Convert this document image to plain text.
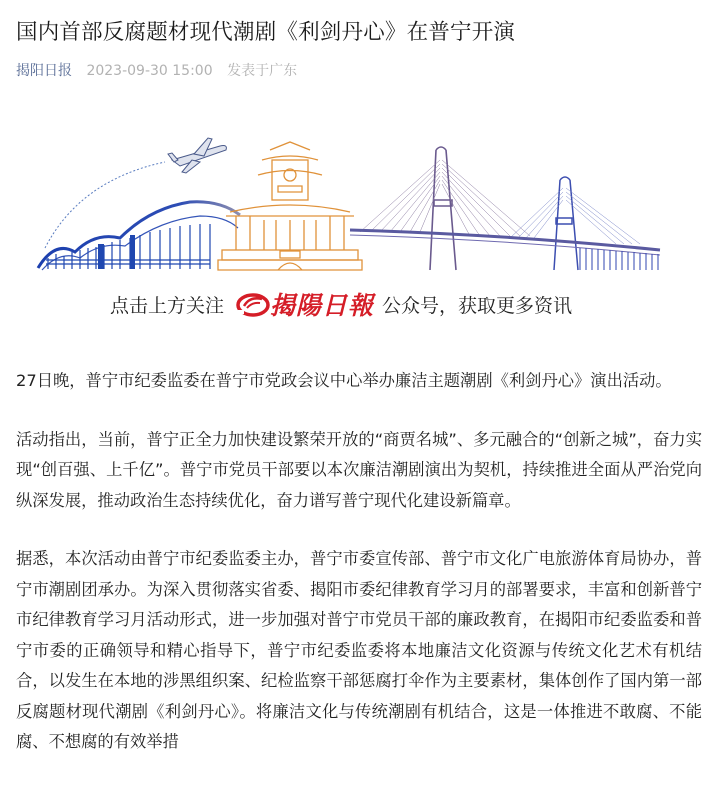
国内首部反腐题材现代潮剧《利剑丹心》在普宁开演
揭阳日报 2023-09-30 15:00 发表于广东
点击上方关注 揭陽日報 公众号，获取更多资讯

27日晚，普宁市纪委监委在普宁市党政会议中心举办廉洁主题潮剧《利剑丹心》演出活动。

活动指出，当前，普宁正全力加快建设繁荣开放的“商贾名城”、多元融合的“创新之城”，奋力实现“创百强、上千亿”。普宁市党员干部要以本次廉洁潮剧演出为契机，持续推进全面从严治党向纵深发展，推动政治生态持续优化，奋力谱写普宁现代化建设新篇章。

据悉，本次活动由普宁市纪委监委主办，普宁市委宣传部、普宁市文化广电旅游体育局协办，普宁市潮剧团承办。为深入贯彻落实省委、揭阳市委纪律教育学习月的部署要求，丰富和创新普宁市纪律教育学习月活动形式，进一步加强对普宁市党员干部的廉政教育，在揭阳市纪委监委和普宁市委的正确领导和精心指导下，普宁市纪委监委将本地廉洁文化资源与传统文化艺术有机结合，以发生在本地的涉黑组织案、纪检监察干部惩腐打伞作为主要素材，集体创作了国内第一部反腐题材现代潮剧《利剑丹心》。将廉洁文化与传统潮剧有机结合，这是一体推进不敢腐、不能腐、不想腐的有效举措
